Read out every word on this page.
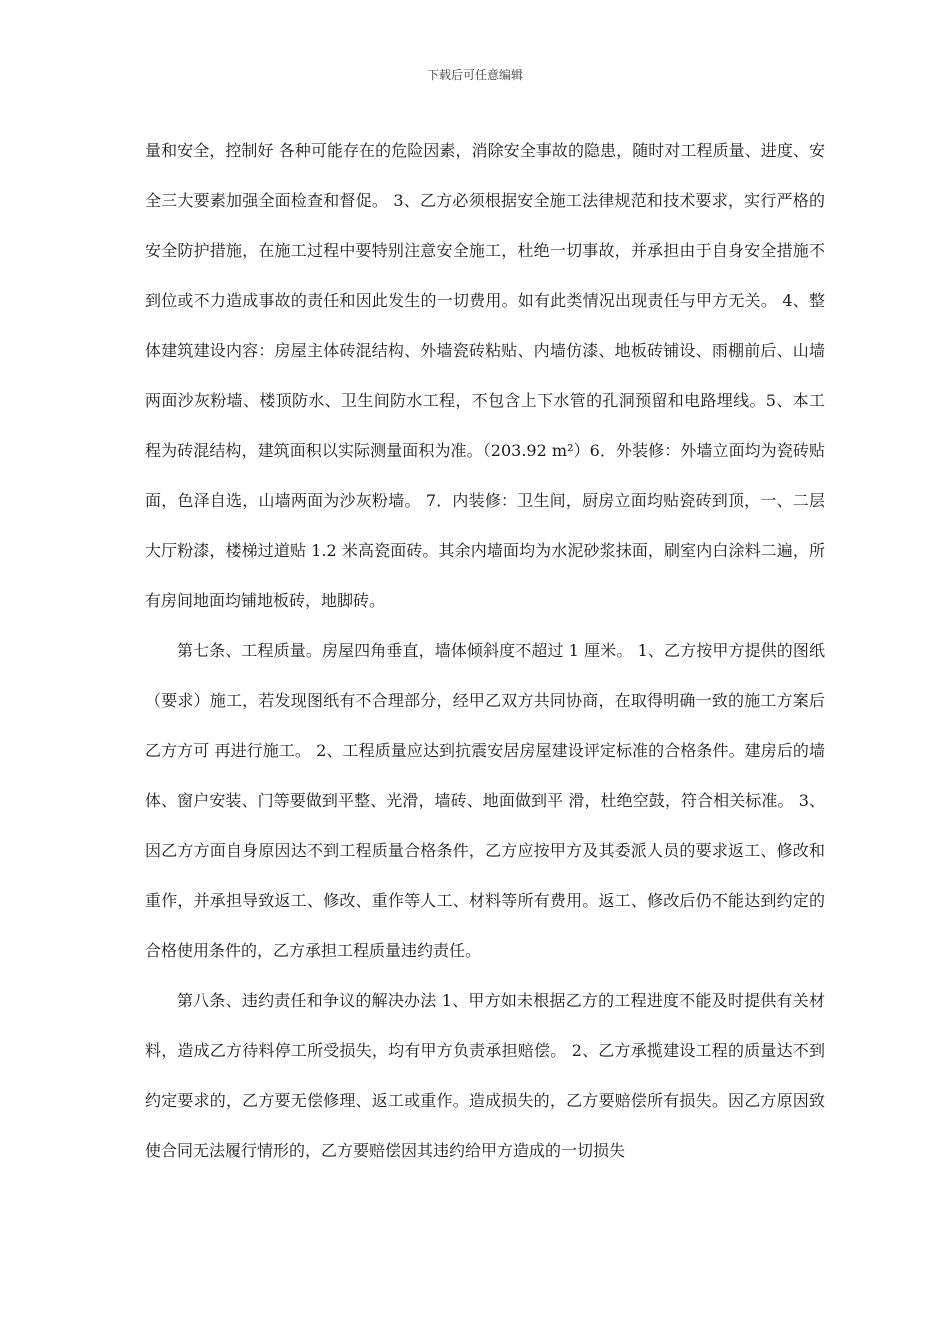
下载后可任意编辑

量和安全，控制好 各种可能存在的危险因素，消除安全事故的隐患，随时对工程质量、进度、安全三大要素加强全面检查和督促。 3、乙方必须根据安全施工法律规范和技术要求，实行严格的安全防护措施，在施工过程中要特别注意安全施工，杜绝一切事故，并承担由于自身安全措施不到位或不力造成事故的责任和因此发生的一切费用。如有此类情况出现责任与甲方无关。 4、整体建筑建设内容：房屋主体砖混结构、外墙瓷砖粘贴、内墙仿漆、地板砖铺设、雨棚前后、山墙两面沙灰粉墙、楼顶防水、卫生间防水工程，不包含上下水管的孔洞预留和电路埋线。5、本工程为砖混结构，建筑面积以实际测量面积为准。（203.92 m²）6．外装修：外墙立面均为瓷砖贴面，色泽自选，山墙两面为沙灰粉墙。 7．内装修：卫生间，厨房立面均贴瓷砖到顶，一、二层大厅粉漆，楼梯过道贴 1.2 米高瓷面砖。其余内墙面均为水泥砂浆抹面，刷室内白涂料二遍，所有房间地面均铺地板砖，地脚砖。

第七条、工程质量。房屋四角垂直，墙体倾斜度不超过 1 厘米。 1、乙方按甲方提供的图纸（要求）施工，若发现图纸有不合理部分，经甲乙双方共同协商，在取得明确一致的施工方案后乙方方可 再进行施工。 2、工程质量应达到抗震安居房屋建设评定标准的合格条件。建房后的墙体、窗户安装、门等要做到平整、光滑，墙砖、地面做到平 滑，杜绝空鼓，符合相关标准。 3、因乙方方面自身原因达不到工程质量合格条件，乙方应按甲方及其委派人员的要求返工、修改和重作，并承担导致返工、修改、重作等人工、材料等所有费用。返工、修改后仍不能达到约定的合格使用条件的，乙方承担工程质量违约责任。

第八条、违约责任和争议的解决办法 1、甲方如未根据乙方的工程进度不能及时提供有关材料，造成乙方待料停工所受损失，均有甲方负责承担赔偿。 2、乙方承揽建设工程的质量达不到约定要求的，乙方要无偿修理、返工或重作。造成损失的，乙方要赔偿所有损失。因乙方原因致使合同无法履行情形的，乙方要赔偿因其违约给甲方造成的一切损失
